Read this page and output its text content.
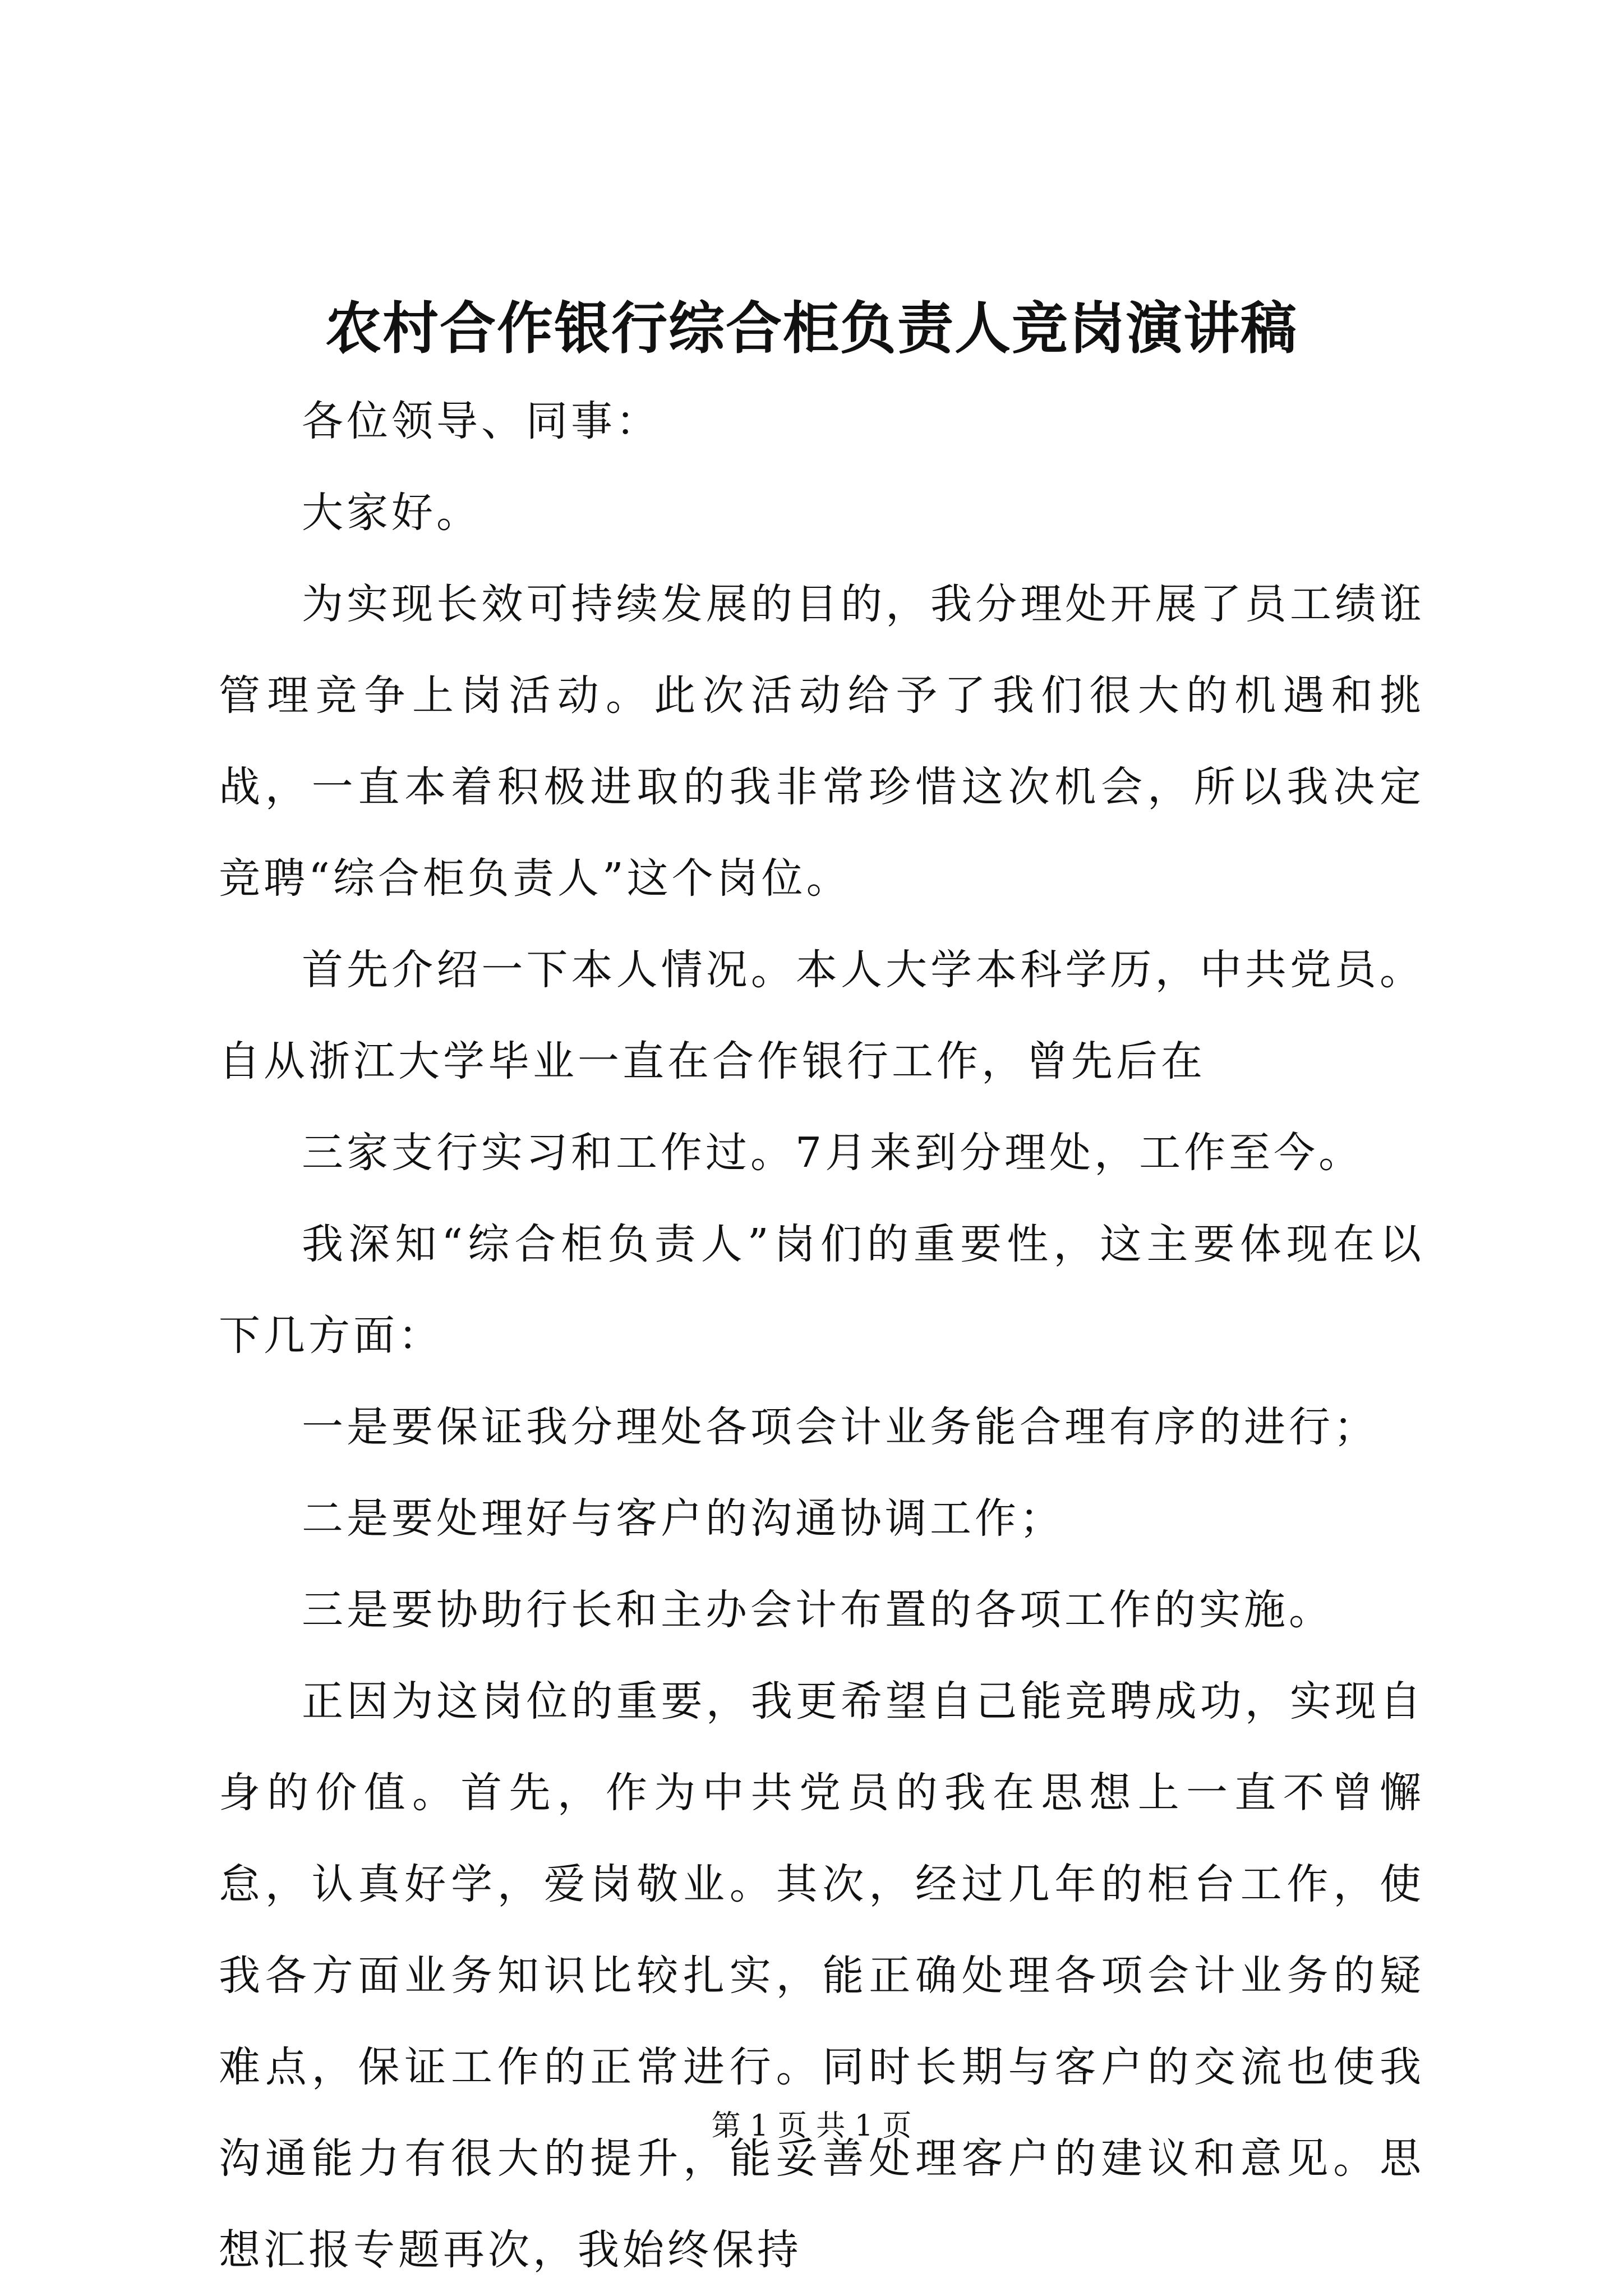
农村合作银行综合柜负责人竞岗演讲稿

各位领导、同事：

大家好。

为实现长效可持续发展的目的，我分理处开展了员工绩诳管理竞争上岗活动。此次活动给予了我们很大的机遇和挑战，一直本着积极进取的我非常珍惜这次机会，所以我决定竞聘“综合柜负责人”这个岗位。

首先介绍一下本人情况。本人大学本科学历，中共党员。自从浙江大学毕业一直在合作银行工作，曾先后在

三家支行实习和工作过。7月来到分理处，工作至今。

我深知“综合柜负责人”岗们的重要性，这主要体现在以下几方面：

一是要保证我分理处各项会计业务能合理有序的进行；

二是要处理好与客户的沟通协调工作；

三是要协助行长和主办会计布置的各项工作的实施。

正因为这岗位的重要，我更希望自己能竞聘成功，实现自身的价值。首先，作为中共党员的我在思想上一直不曾懈怠，认真好学，爱岗敬业。其次，经过几年的柜台工作，使我各方面业务知识比较扎实，能正确处理各项会计业务的疑难点，保证工作的正常进行。同时长期与客户的交流也使我沟通能力有很大的提升，能妥善处理客户的建议和意见。思想汇报专题再次，我始终保持

第 1 页 共 1 页
